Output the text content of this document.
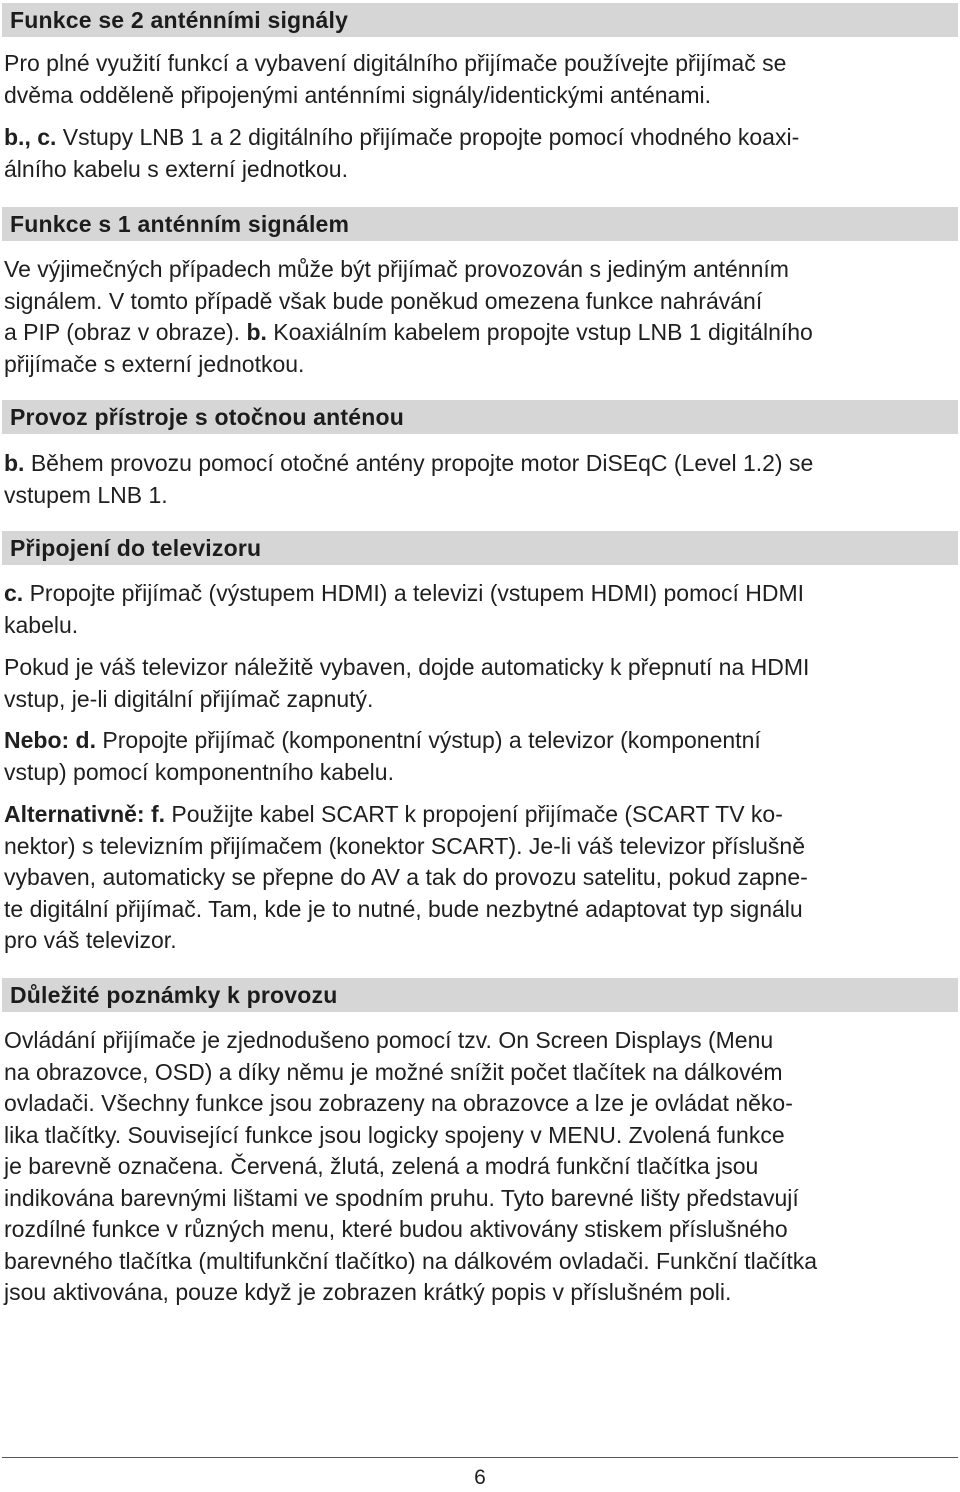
Funkce se 2 anténními signály

Pro plné využití funkcí a vybavení digitálního přijímače používejte přijímač se
dvěma odděleně připojenými anténními signály/identickými anténami.

b., c. Vstupy LNB 1 a 2 digitálního přijímače propojte pomocí vhodného koaxi-
álního kabelu s externí jednotkou.

Funkce s 1 anténním signálem

Ve výjimečných případech může být přijímač provozován s jediným anténním
signálem. V tomto případě však bude poněkud omezena funkce nahrávání
a PIP (obraz v obraze). b. Koaxiálním kabelem propojte vstup LNB 1 digitálního
přijímače s externí jednotkou.

Provoz přístroje s otočnou anténou

b. Během provozu pomocí otočné antény propojte motor DiSEqC (Level 1.2) se
vstupem LNB 1.

Připojení do televizoru

c. Propojte přijímač (výstupem HDMI) a televizi (vstupem HDMI) pomocí HDMI
kabelu.

Pokud je váš televizor náležitě vybaven, dojde automaticky k přepnutí na HDMI
vstup, je-li digitální přijímač zapnutý.

Nebo: d. Propojte přijímač (komponentní výstup) a televizor (komponentní
vstup) pomocí komponentního kabelu.

Alternativně: f. Použijte kabel SCART k propojení přijímače (SCART TV ko-
nektor) s televizním přijímačem (konektor SCART). Je-li váš televizor příslušně
vybaven, automaticky se přepne do AV a tak do provozu satelitu, pokud zapne-
te digitální přijímač. Tam, kde je to nutné, bude nezbytné adaptovat typ signálu
pro váš televizor.

Důležité poznámky k provozu

Ovládání přijímače je zjednodušeno pomocí tzv. On Screen Displays (Menu
na obrazovce, OSD) a díky němu je možné snížit počet tlačítek na dálkovém
ovladači. Všechny funkce jsou zobrazeny na obrazovce a lze je ovládat něko-
lika tlačítky. Související funkce jsou logicky spojeny v MENU. Zvolená funkce
je barevně označena. Červená, žlutá, zelená a modrá funkční tlačítka jsou
indikována barevnými lištami ve spodním pruhu. Tyto barevné lišty představují
rozdílné funkce v různých menu, které budou aktivovány stiskem příslušného
barevného tlačítka (multifunkční tlačítko) na dálkovém ovladači. Funkční tlačítka
jsou aktivována, pouze když je zobrazen krátký popis v příslušném poli.

6
